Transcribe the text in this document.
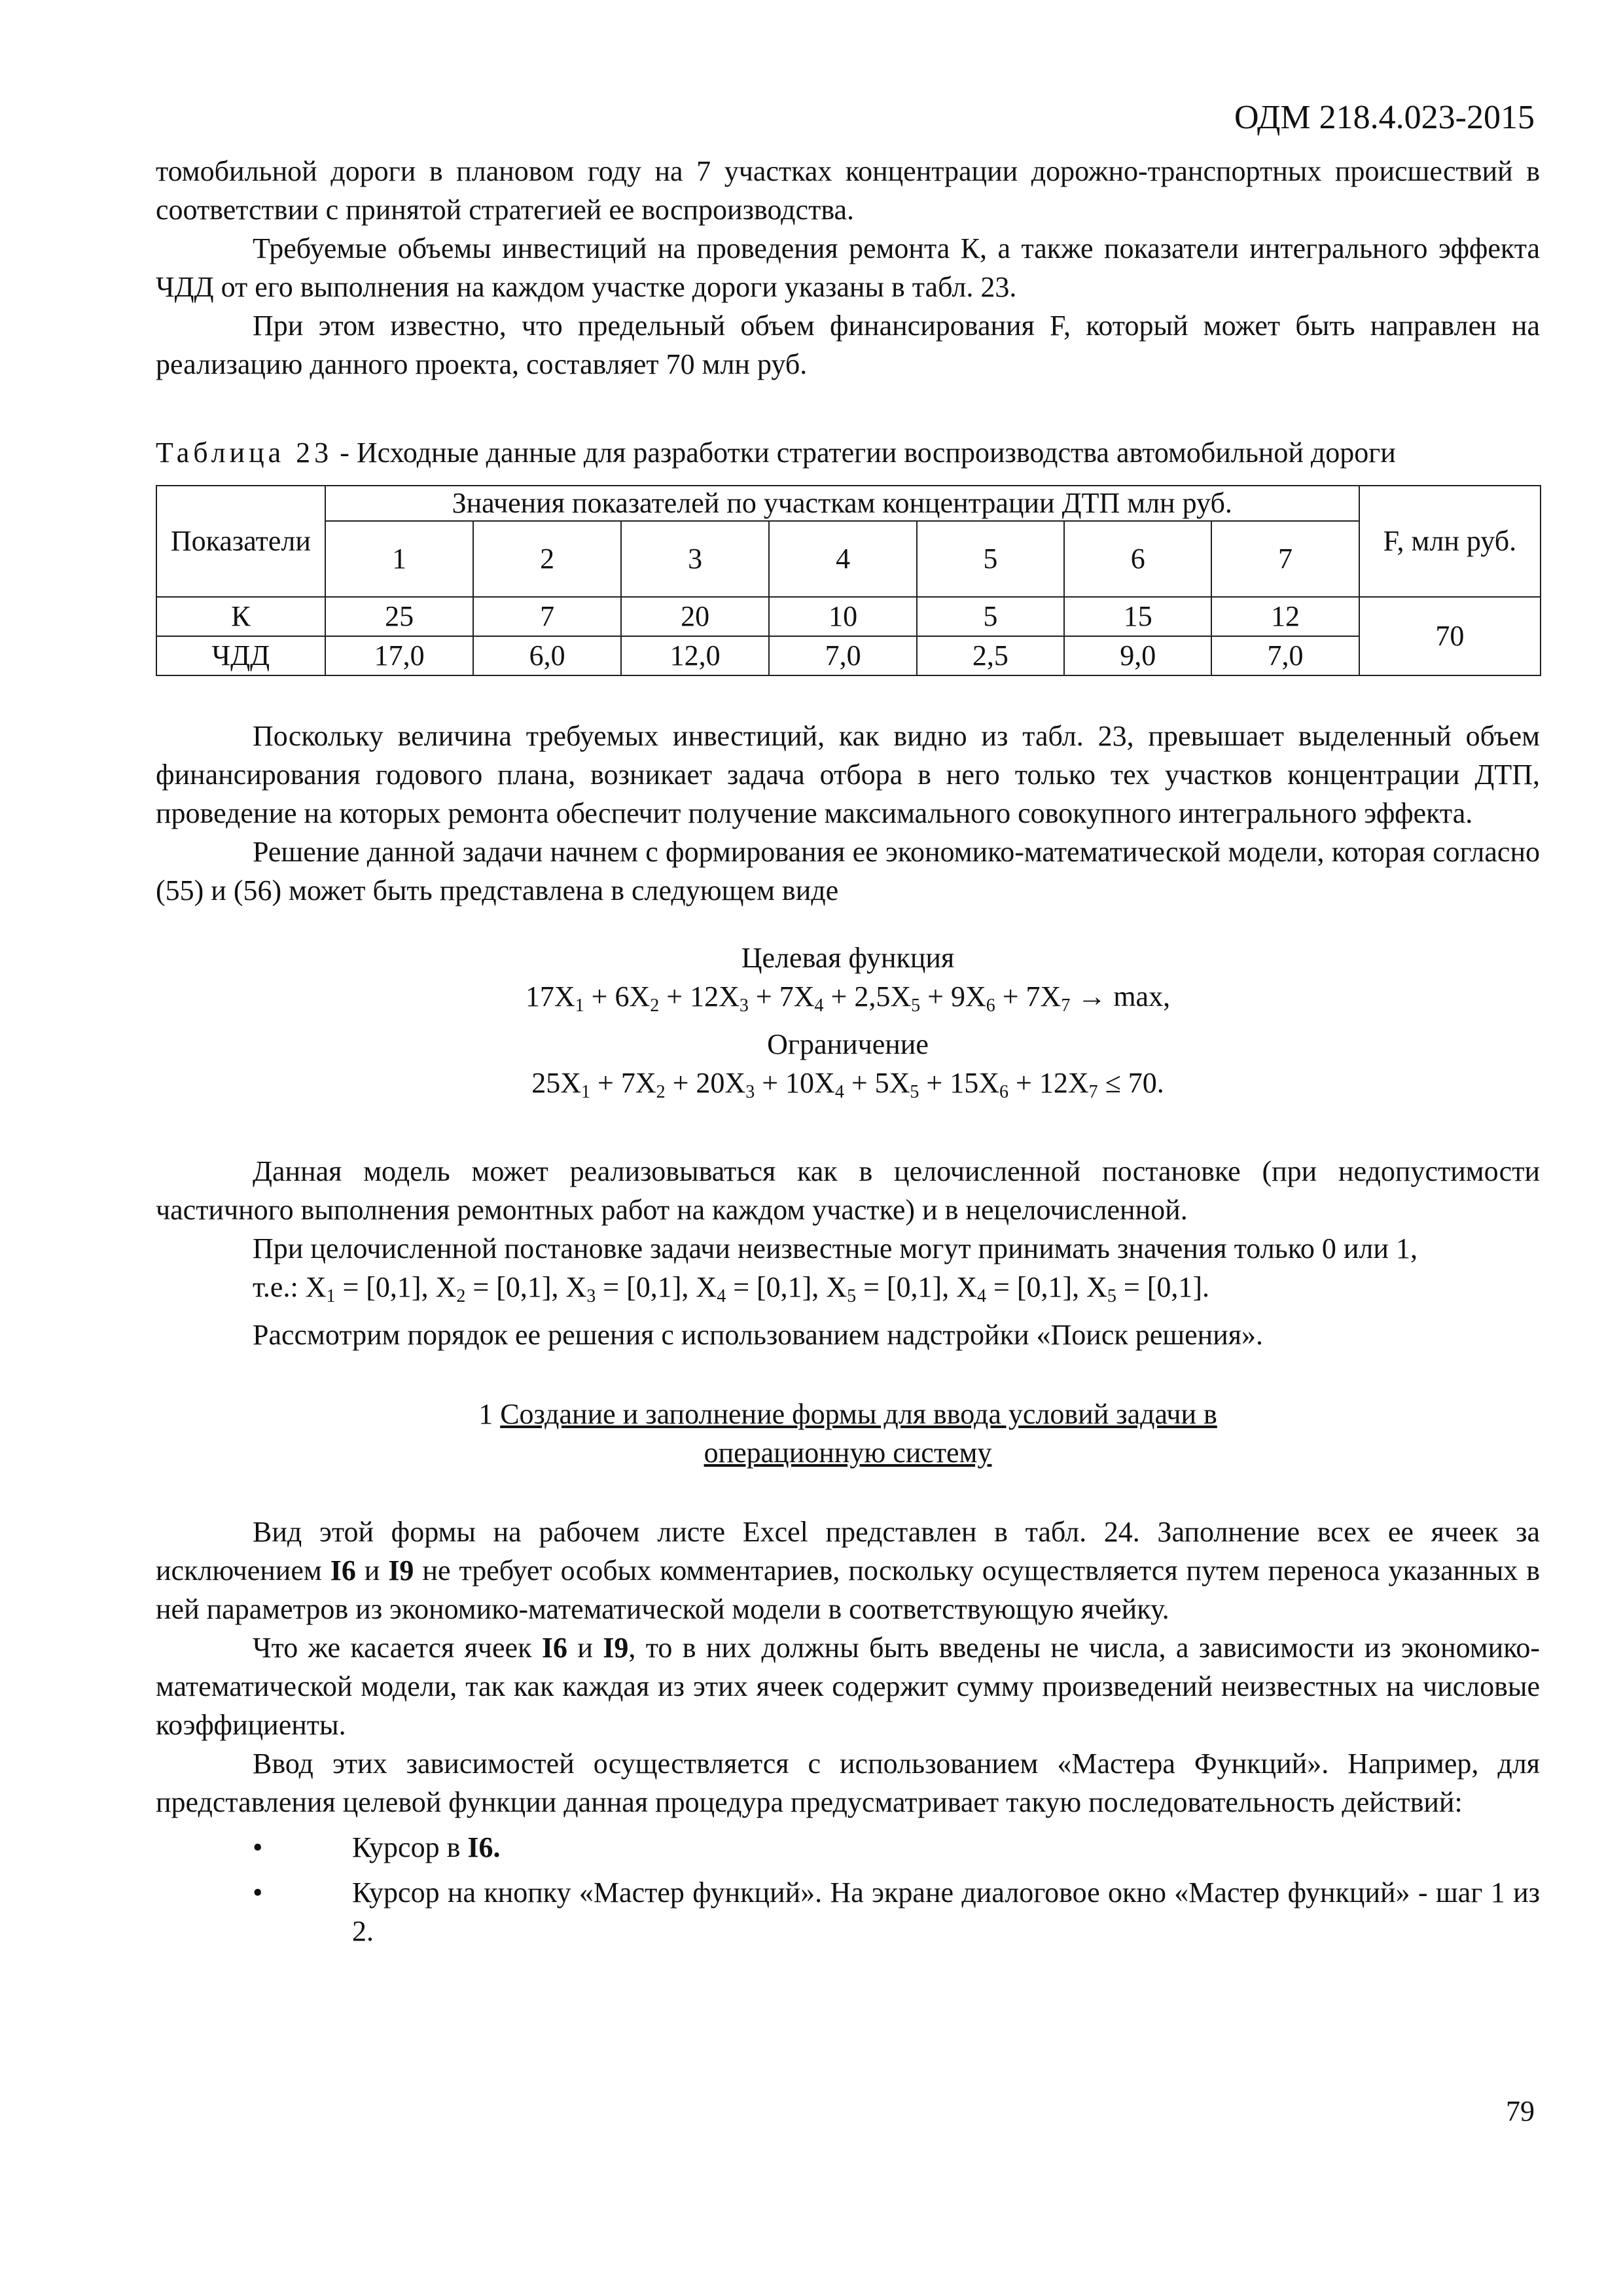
ОДМ 218.4.023-2015

томобильной дороги в плановом году на 7 участках концентрации дорожно-транспортных происшествий в соответствии с принятой стратегией ее воспроизводства.

Требуемые объемы инвестиций на проведения ремонта К, а также показатели интегрального эффекта ЧДД от его выполнения на каждом участке дороги указаны в табл. 23.

При этом известно, что предельный объем финансирования F, который может быть направлен на реализацию данного проекта, составляет 70 млн руб.

Таблица 23 - Исходные данные для разработки стратегии воспроизводства автомобильной дороги

Показатели	Значения показателей по участкам концентрации ДТП млн руб.							F, млн руб.
	1	2	3	4	5	6	7	
К	25	7	20	10	5	15	12	70
ЧДД	17,0	6,0	12,0	7,0	2,5	9,0	7,0	

Поскольку величина требуемых инвестиций, как видно из табл. 23, превышает выделенный объем финансирования годового плана, возникает задача отбора в него только тех участков концентрации ДТП, проведение на которых ремонта обеспечит получение максимального совокупного интегрального эффекта.

Решение данной задачи начнем с формирования ее экономико-математической модели, которая согласно (55) и (56) может быть представлена в следующем виде

Целевая функция

$17X_1 + 6X_2 + 12X_3 + 7X_4 + 2,5X_5 + 9X_6 + 7X_7 \to \max$,

Ограничение

$25X_1 + 7X_2 + 20X_3 + 10X_4 + 5X_5 + 15X_6 + 12X_7 \le 70$.

Данная модель может реализовываться как в целочисленной постановке (при недопустимости частичного выполнения ремонтных работ на каждом участке) и в нецелочисленной.

При целочисленной постановке задачи неизвестные могут принимать значения только 0 или 1,

т.е.: $X_1 = [0,1]$, $X_2 = [0,1]$, $X_3 = [0,1]$, $X_4 = [0,1]$, $X_5 = [0,1]$, $X_4 = [0,1]$, $X_5 = [0,1]$.

Рассмотрим порядок ее решения с использованием надстройки «Поиск решения».

1 Создание и заполнение формы для ввода условий задачи в

операционную систему

Вид этой формы на рабочем листе Excel представлен в табл. 24. Заполнение всех ее ячеек за исключением I6 и I9 не требует особых комментариев, поскольку осуществляется путем переноса указанных в ней параметров из экономико-математической модели в соответствующую ячейку.

Что же касается ячеек I6 и I9, то в них должны быть введены не числа, а зависимости из экономико-математической модели, так как каждая из этих ячеек содержит сумму произведений неизвестных на числовые коэффициенты.

Ввод этих зависимостей осуществляется с использованием «Мастера Функций». Например, для представления целевой функции данная процедура предусматривает такую последовательность действий:

•	Курсор в I6.
•	Курсор на кнопку «Мастер функций». На экране диалоговое окно «Мастер функций» - шаг 1 из 2.
79
